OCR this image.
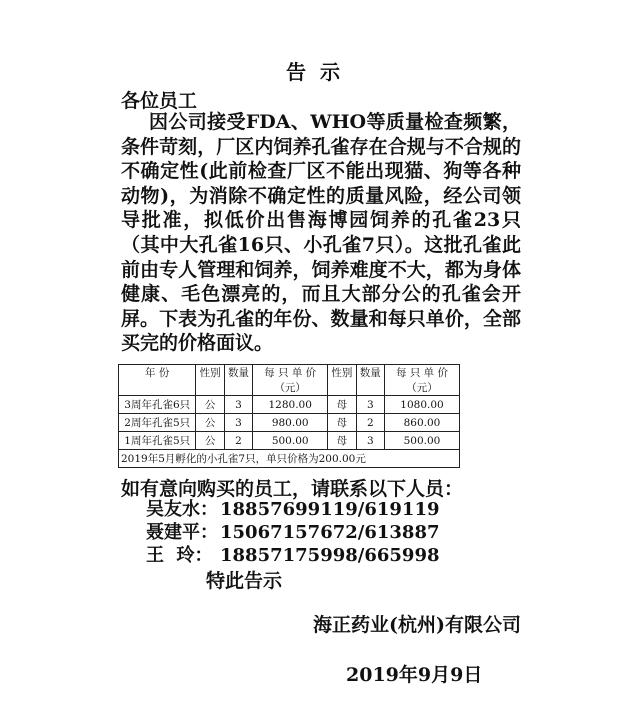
告示
各位员工
因公司接受FDA、WHO等质量检查频繁，条件苛刻，厂区内饲养孔雀存在合规与不合规的不确定性(此前检查厂区不能出现猫、狗等各种动物)，为消除不确定性的质量风险，经公司领导批准，拟低价出售海博园饲养的孔雀23只（其中大孔雀16只、小孔雀7只）。这批孔雀此前由专人管理和饲养，饲养难度不大，都为身体健康、毛色漂亮的，而且大部分公的孔雀会开屏。下表为孔雀的年份、数量和每只单价，全部买完的价格面议。
年 份	性别	数量	每 只 单 价（元）	性别	数量	每 只 单 价（元）
3周年孔雀6只	公	3	1280.00	母	3	1080.00
2周年孔雀5只	公	3	980.00	母	2	860.00
1周年孔雀5只	公	2	500.00	母	3	500.00
2019年5月孵化的小孔雀7只，单只价格为200.00元						
如有意向购买的员工，请联系以下人员：
吴友水： 18857699119/619119
聂建平： 15067157672/613887
王  玲： 18857175998/665998
特此告示
海正药业(杭州)有限公司
2019年9月9日
